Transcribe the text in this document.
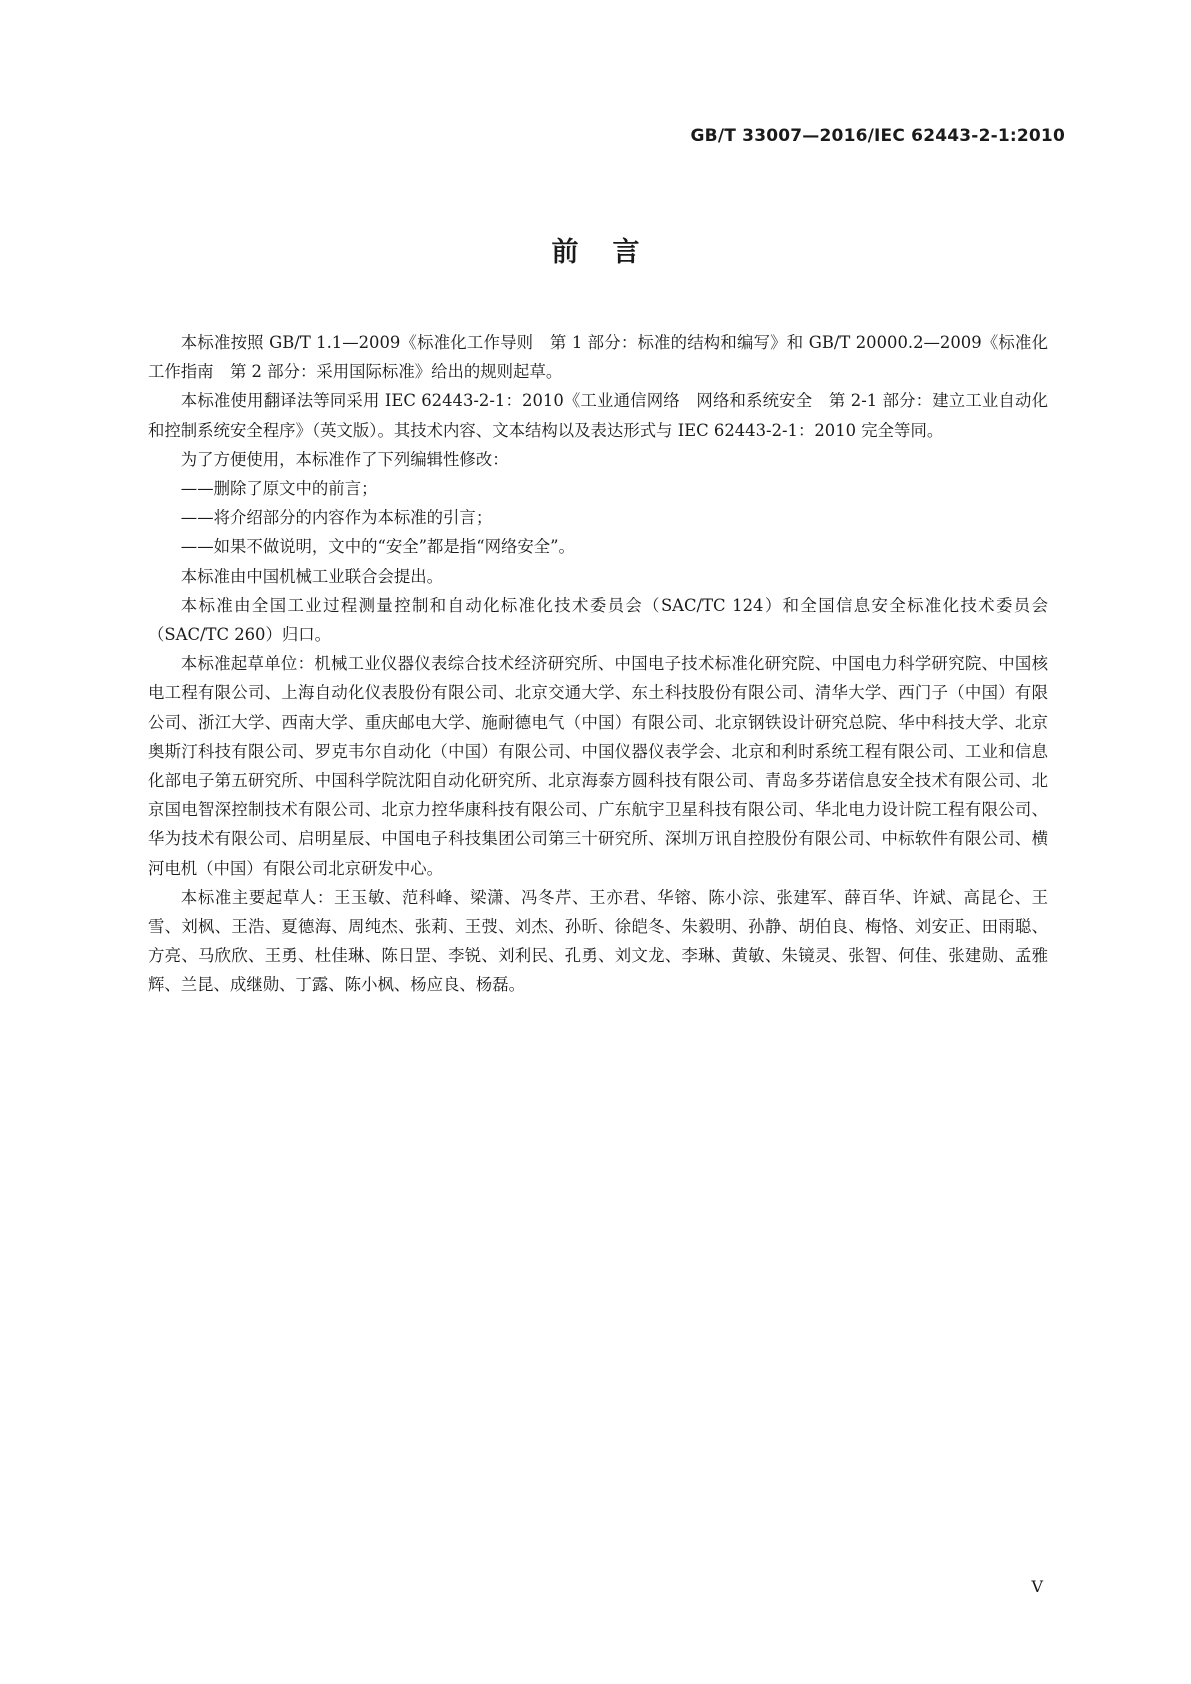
GB/T 33007—2016/IEC 62443-2-1:2010
前言

本标准按照 GB/T 1.1—2009《标准化工作导则　第 1 部分：标准的结构和编写》和 GB/T 20000.2—2009《标准化工作指南　第 2 部分：采用国际标准》给出的规则起草。

本标准使用翻译法等同采用 IEC 62443-2-1：2010《工业通信网络　网络和系统安全　第 2-1 部分：建立工业自动化和控制系统安全程序》（英文版）。其技术内容、文本结构以及表达形式与 IEC 62443-2-1：2010 完全等同。

为了方便使用，本标准作了下列编辑性修改：

——删除了原文中的前言；

——将介绍部分的内容作为本标准的引言；

——如果不做说明，文中的“安全”都是指“网络安全”。

本标准由中国机械工业联合会提出。

本标准由全国工业过程测量控制和自动化标准化技术委员会（SAC/TC 124）和全国信息安全标准化技术委员会（SAC/TC 260）归口。

本标准起草单位：机械工业仪器仪表综合技术经济研究所、中国电子技术标准化研究院、中国电力科学研究院、中国核电工程有限公司、上海自动化仪表股份有限公司、北京交通大学、东土科技股份有限公司、清华大学、西门子（中国）有限公司、浙江大学、西南大学、重庆邮电大学、施耐德电气（中国）有限公司、北京钢铁设计研究总院、华中科技大学、北京奥斯汀科技有限公司、罗克韦尔自动化（中国）有限公司、中国仪器仪表学会、北京和利时系统工程有限公司、工业和信息化部电子第五研究所、中国科学院沈阳自动化研究所、北京海泰方圆科技有限公司、青岛多芬诺信息安全技术有限公司、北京国电智深控制技术有限公司、北京力控华康科技有限公司、广东航宇卫星科技有限公司、华北电力设计院工程有限公司、华为技术有限公司、启明星辰、中国电子科技集团公司第三十研究所、深圳万讯自控股份有限公司、中标软件有限公司、横河电机（中国）有限公司北京研发中心。

本标准主要起草人：王玉敏、范科峰、梁潇、冯冬芹、王亦君、华镕、陈小淙、张建军、薛百华、许斌、高昆仑、王雪、刘枫、王浩、夏德海、周纯杰、张莉、王弢、刘杰、孙昕、徐皑冬、朱毅明、孙静、胡伯良、梅恪、刘安正、田雨聪、方亮、马欣欣、王勇、杜佳琳、陈日罡、李锐、刘利民、孔勇、刘文龙、李琳、黄敏、朱镜灵、张智、何佳、张建勋、孟雅辉、兰昆、成继勋、丁露、陈小枫、杨应良、杨磊。

V
